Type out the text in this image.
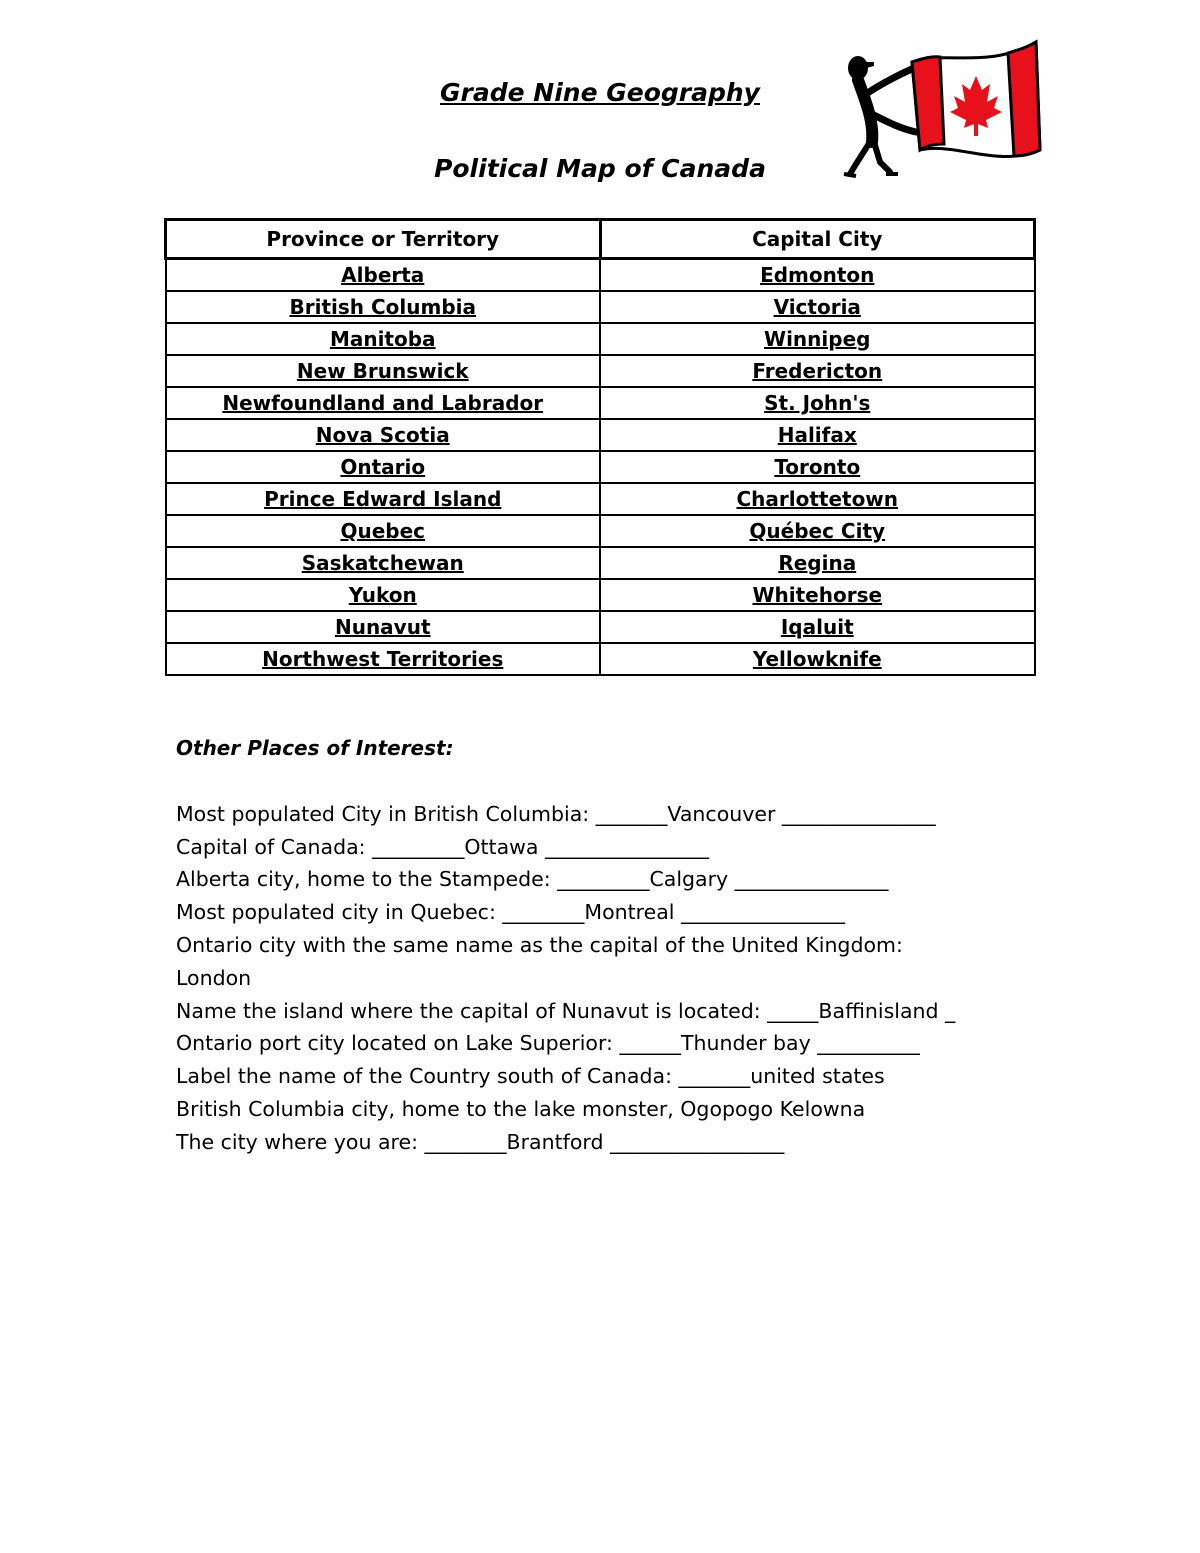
Grade Nine Geography
Political Map of Canada
Province or Territory	Capital City
Alberta	Edmonton
British Columbia	Victoria
Manitoba	Winnipeg
New Brunswick	Fredericton
Newfoundland and Labrador	St. John's
Nova Scotia	Halifax
Ontario	Toronto
Prince Edward Island	Charlottetown
Quebec	Québec City
Saskatchewan	Regina
Yukon	Whitehorse
Nunavut	Iqaluit
Northwest Territories	Yellowknife
Other Places of Interest:

Most populated City in British Columbia: _______Vancouver _______________

Capital of Canada: _________Ottawa ________________

Alberta city, home to the Stampede: _________Calgary _______________

Most populated city in Quebec: ________Montreal ________________

Ontario city with the same name as the capital of the United Kingdom:

London

Name the island where the capital of Nunavut is located: _____Baffinisland _

Ontario port city located on Lake Superior: ______Thunder bay __________

Label the name of the Country south of Canada: _______united states

British Columbia city, home to the lake monster, Ogopogo Kelowna

The city where you are: ________Brantford _________________
